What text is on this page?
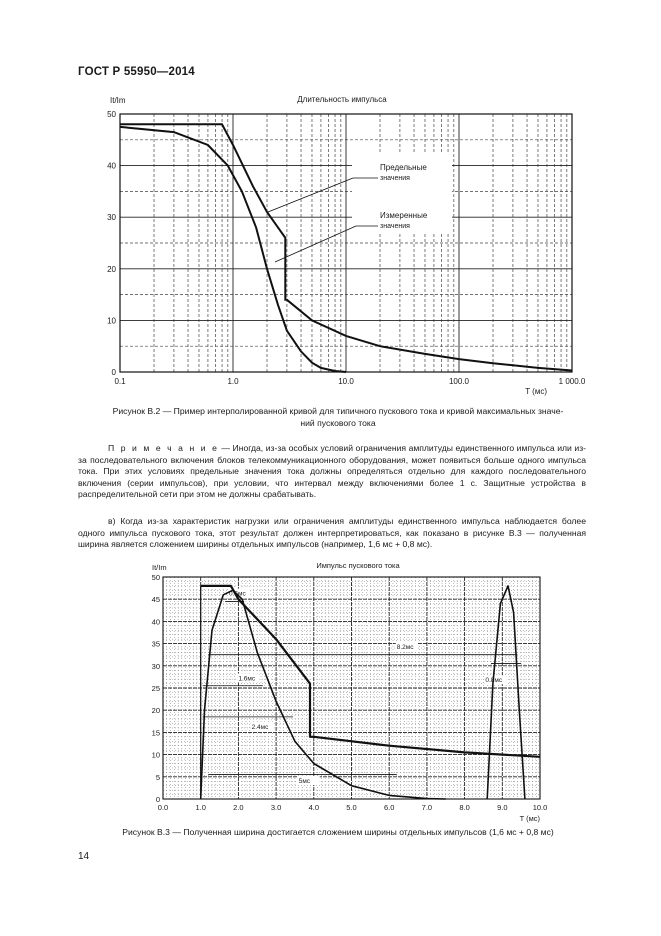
ГОСТ Р 55950—2014
0
10
20
30
40
50
0.1	1.0	10.0	100.0	1 000.0
It/Im	Длительность импульса
T (мс)
Предельные
значения
Измеренные
значения
Рисунок В.2 — Пример интерполированной кривой для типичного пускового тока и кривой максимальных значе-
ний пускового тока
П р и м е ч а н и е — Иногда, из-за особых условий ограничения амплитуды единственного импульса или из-за последовательного включения блоков телекоммуникационного оборудования, может появиться больше одного импульса тока. При этих условиях предельные значения тока должны определяться отдельно для каждого последовательного включения (серии импульсов), при условии, что интервал между включениями более 1 с. Защитные устройства в распределительной сети при этом не должны срабатывать.
в) Когда из-за характеристик нагрузки или ограничения амплитуды единственного импульса наблюдается более одного импульса пускового тока, этот результат должен интерпретироваться, как показано в рисунке В.3 — полученная ширина является сложением ширины отдельных импульсов (например, 1,6 мс + 0,8 мс).
0
5
10
15
20
25
30
35
40
45
50
0.0	1.0	2.0	3.0	4.0	5.0	6.0	7.0	8.0	9.0	10.0
It/Im	Импульс пускового тока
T (мс)
0.5мс
1.6мс
2.4мс
5мс
8.2мс
0.8мс
Рисунок В.3 — Полученная ширина достигается сложением ширины отдельных импульсов (1,6 мс + 0,8 мс)
14
